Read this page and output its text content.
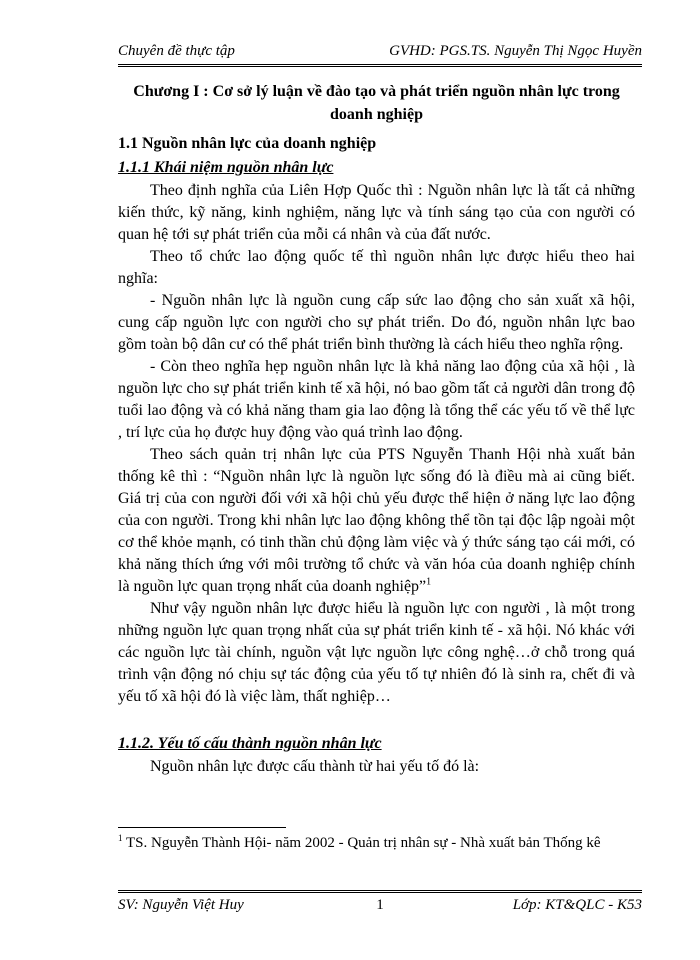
Chuyên đề thực tập	GVHD: PGS.TS. Nguyễn Thị Ngọc Huyền

Chương I : Cơ sở lý luận về đào tạo và phát triển nguồn nhân lực trong doanh nghiệp

1.1 Nguồn nhân lực của doanh nghiệp

1.1.1 Khái niệm nguồn nhân lực

Theo định nghĩa của Liên Hợp Quốc thì : Nguồn nhân lực là tất cả những kiến thức, kỹ năng, kinh nghiệm, năng lực và tính sáng tạo của con người có quan hệ tới sự phát triển của mỗi cá nhân và của đất nước.

Theo tổ chức lao động quốc tế thì nguồn nhân lực được hiểu theo hai nghĩa:

- Nguồn nhân lực là nguồn cung cấp sức lao động cho sản xuất xã hội, cung cấp nguồn lực con người cho sự phát triển. Do đó, nguồn nhân lực bao gồm toàn bộ dân cư có thể phát triển bình thường là cách hiểu theo nghĩa rộng.

- Còn theo nghĩa hẹp nguồn nhân lực là khả năng lao động của xã hội , là nguồn lực cho sự phát triển kinh tế xã hội, nó bao gồm tất cả người dân trong độ tuổi lao động và có khả năng tham gia lao động là tổng thể các yếu tố về thể lực , trí lực của họ được huy động vào quá trình lao động.

Theo sách quản trị nhân lực của PTS Nguyễn Thanh Hội nhà xuất bản thống kê thì : “Nguồn nhân lực là nguồn lực sống đó là điều mà ai cũng biết. Giá trị của con người đối với xã hội chủ yếu được thể hiện ở năng lực lao động của con người. Trong khi nhân lực lao động không thể tồn tại độc lập ngoài một cơ thể khỏe mạnh, có tinh thần chủ động làm việc và ý thức sáng tạo cái mới, có khả năng thích ứng với môi trường tổ chức và văn hóa của doanh nghiệp chính là nguồn lực quan trọng nhất của doanh nghiệp”$^1$

Như vậy nguồn nhân lực được hiểu là nguồn lực con người , là một trong những nguồn lực quan trọng nhất của sự phát triển kinh tế - xã hội. Nó khác với các nguồn lực tài chính, nguồn vật lực nguồn lực công nghệ…ở chỗ trong quá trình vận động nó chịu sự tác động của yếu tố tự nhiên đó là sinh ra, chết đi và yếu tố xã hội đó là việc làm, thất nghiệp…

1.1.2. Yếu tố cấu thành nguồn nhân lực

Nguồn nhân lực được cấu thành từ hai yếu tố đó là:

$^1$ TS. Nguyễn Thành Hội- năm 2002 - Quản trị nhân sự - Nhà xuất bản Thống kê
SV: Nguyễn Việt Huy	1	Lớp: KT&QLC - K53
